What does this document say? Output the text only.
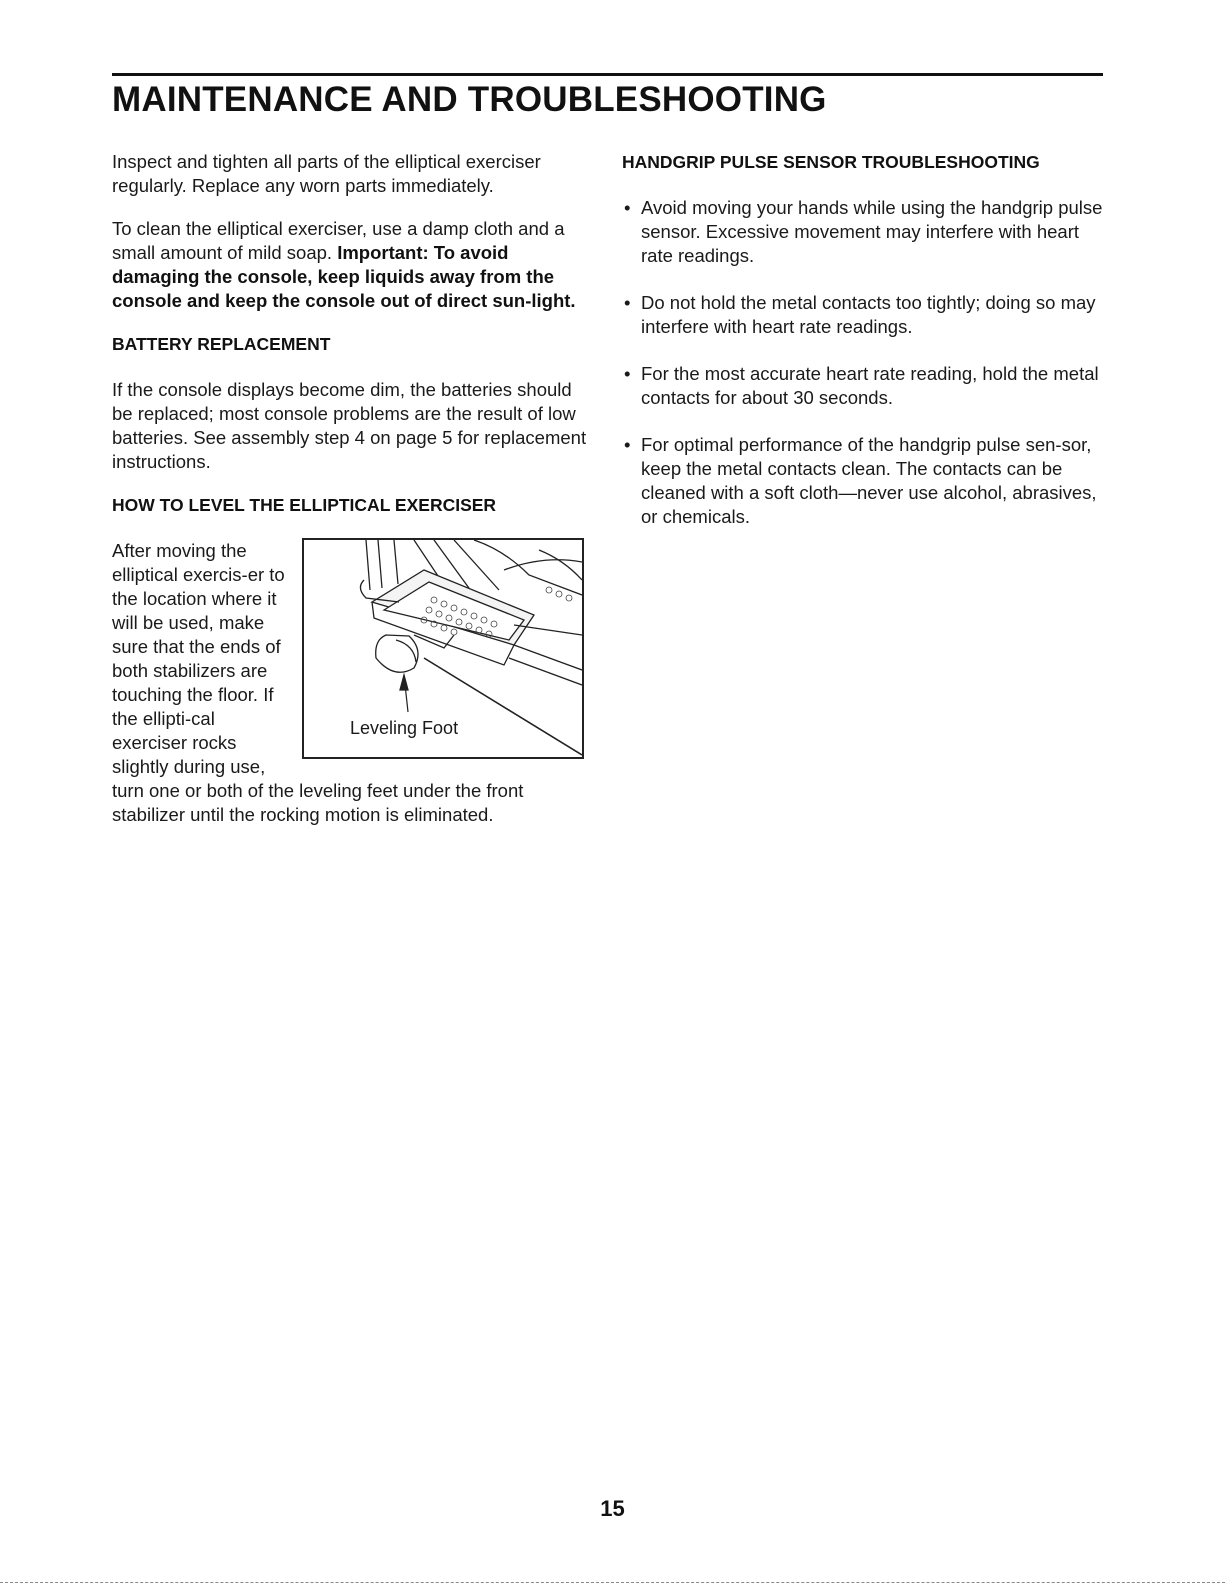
MAINTENANCE AND TROUBLESHOOTING

Inspect and tighten all parts of the elliptical exerciser regularly. Replace any worn parts immediately.

To clean the elliptical exerciser, use a damp cloth and a small amount of mild soap. Important: To avoid damaging the console, keep liquids away from the console and keep the console out of direct sun-light.

BATTERY REPLACEMENT

If the console displays become dim, the batteries should be replaced; most console problems are the result of low batteries. See assembly step 4 on page 5 for replacement instructions.

HOW TO LEVEL THE ELLIPTICAL EXERCISER
Leveling Foot

After moving the elliptical exercis-er to the location where it will be used, make sure that the ends of both stabilizers are touching the floor. If the ellipti-cal exerciser rocks slightly during use, turn one or both of the leveling feet under the front stabilizer until the rocking motion is eliminated.

HANDGRIP PULSE SENSOR TROUBLESHOOTING
• Avoid moving your hands while using the handgrip pulse sensor. Excessive movement may interfere with heart rate readings.
• Do not hold the metal contacts too tightly; doing so may interfere with heart rate readings.
• For the most accurate heart rate reading, hold the metal contacts for about 30 seconds.
• For optimal performance of the handgrip pulse sen-sor, keep the metal contacts clean. The contacts can be cleaned with a soft cloth—never use alcohol, abrasives, or chemicals.
15
